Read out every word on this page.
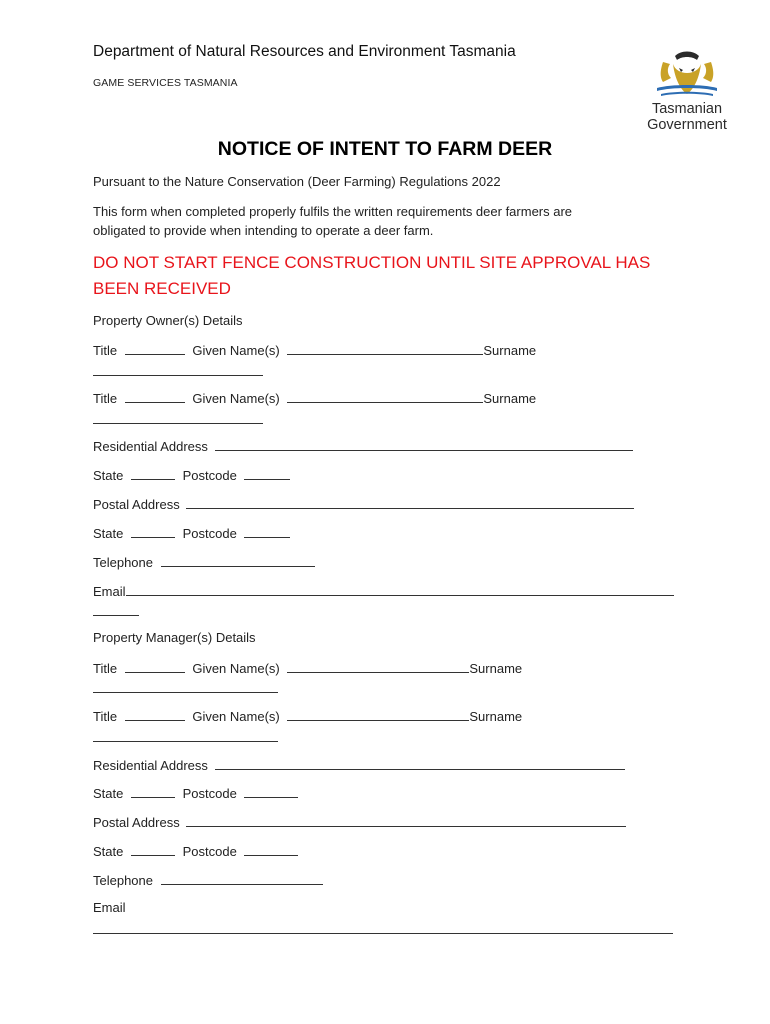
Department of Natural Resources and Environment Tasmania
GAME SERVICES TASMANIA
Tasmanian
Government
NOTICE OF INTENT TO FARM DEER
Pursuant to the Nature Conservation (Deer Farming) Regulations 2022
This form when completed properly fulfils the written requirements deer farmers are
obligated to provide when intending to operate a deer farm.
DO NOT START FENCE CONSTRUCTION UNTIL SITE APPROVAL HAS
BEEN RECEIVED
Property Owner(s) Details
Title	Given Name(s)	Surname
Title	Given Name(s)	Surname
Residential Address
State	Postcode
Postal Address
State	Postcode
Telephone
Email
Property Manager(s) Details
Title	Given Name(s)	Surname
Title	Given Name(s)	Surname
Residential Address
State	Postcode
Postal Address
State	Postcode
Telephone
Email
